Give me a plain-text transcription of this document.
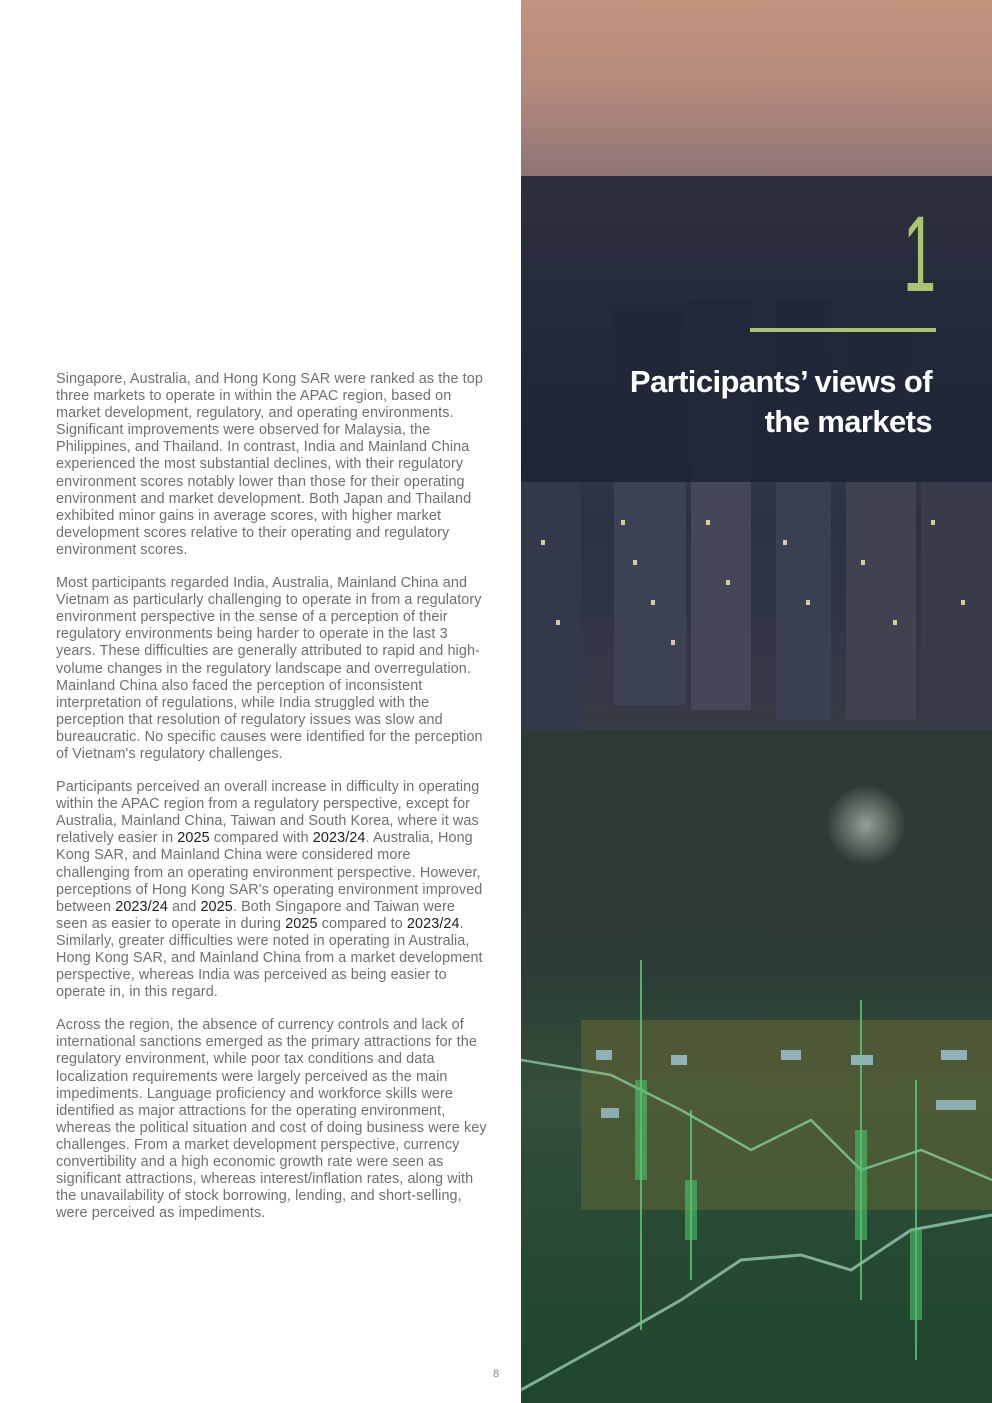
Singapore, Australia, and Hong Kong SAR were ranked as the top three markets to operate in within the APAC region, based on market development, regulatory, and operating environments. Significant improvements were observed for Malaysia, the Philippines, and Thailand. In contrast, India and Mainland China experienced the most substantial declines, with their regulatory environment scores notably lower than those for their operating environment and market development. Both Japan and Thailand exhibited minor gains in average scores, with higher market development scores relative to their operating and regulatory environment scores.

Most participants regarded India, Australia, Mainland China and Vietnam as particularly challenging to operate in from a regulatory environment perspective in the sense of a perception of their regulatory environments being harder to operate in the last 3 years. These difficulties are generally attributed to rapid and high-volume changes in the regulatory landscape and overregulation. Mainland China also faced the perception of inconsistent interpretation of regulations, while India struggled with the perception that resolution of regulatory issues was slow and bureaucratic. No specific causes were identified for the perception of Vietnam's regulatory challenges.

Participants perceived an overall increase in difficulty in operating within the APAC region from a regulatory perspective, except for Australia, Mainland China, Taiwan and South Korea, where it was relatively easier in 2025 compared with 2023/24. Australia, Hong Kong SAR, and Mainland China were considered more challenging from an operating environment perspective. However, perceptions of Hong Kong SAR's operating environment improved between 2023/24 and 2025. Both Singapore and Taiwan were seen as easier to operate in during 2025 compared to 2023/24. Similarly, greater difficulties were noted in operating in Australia, Hong Kong SAR, and Mainland China from a market development perspective, whereas India was perceived as being easier to operate in, in this regard.

Across the region, the absence of currency controls and lack of international sanctions emerged as the primary attractions for the regulatory environment, while poor tax conditions and data localization requirements were largely perceived as the main impediments. Language proficiency and workforce skills were identified as major attractions for the operating environment, whereas the political situation and cost of doing business were key challenges. From a market development perspective, currency convertibility and a high economic growth rate were seen as significant attractions, whereas interest/inflation rates, along with the unavailability of stock borrowing, lending, and short-selling, were perceived as impediments.

8
1
Participants’ views of
the markets
